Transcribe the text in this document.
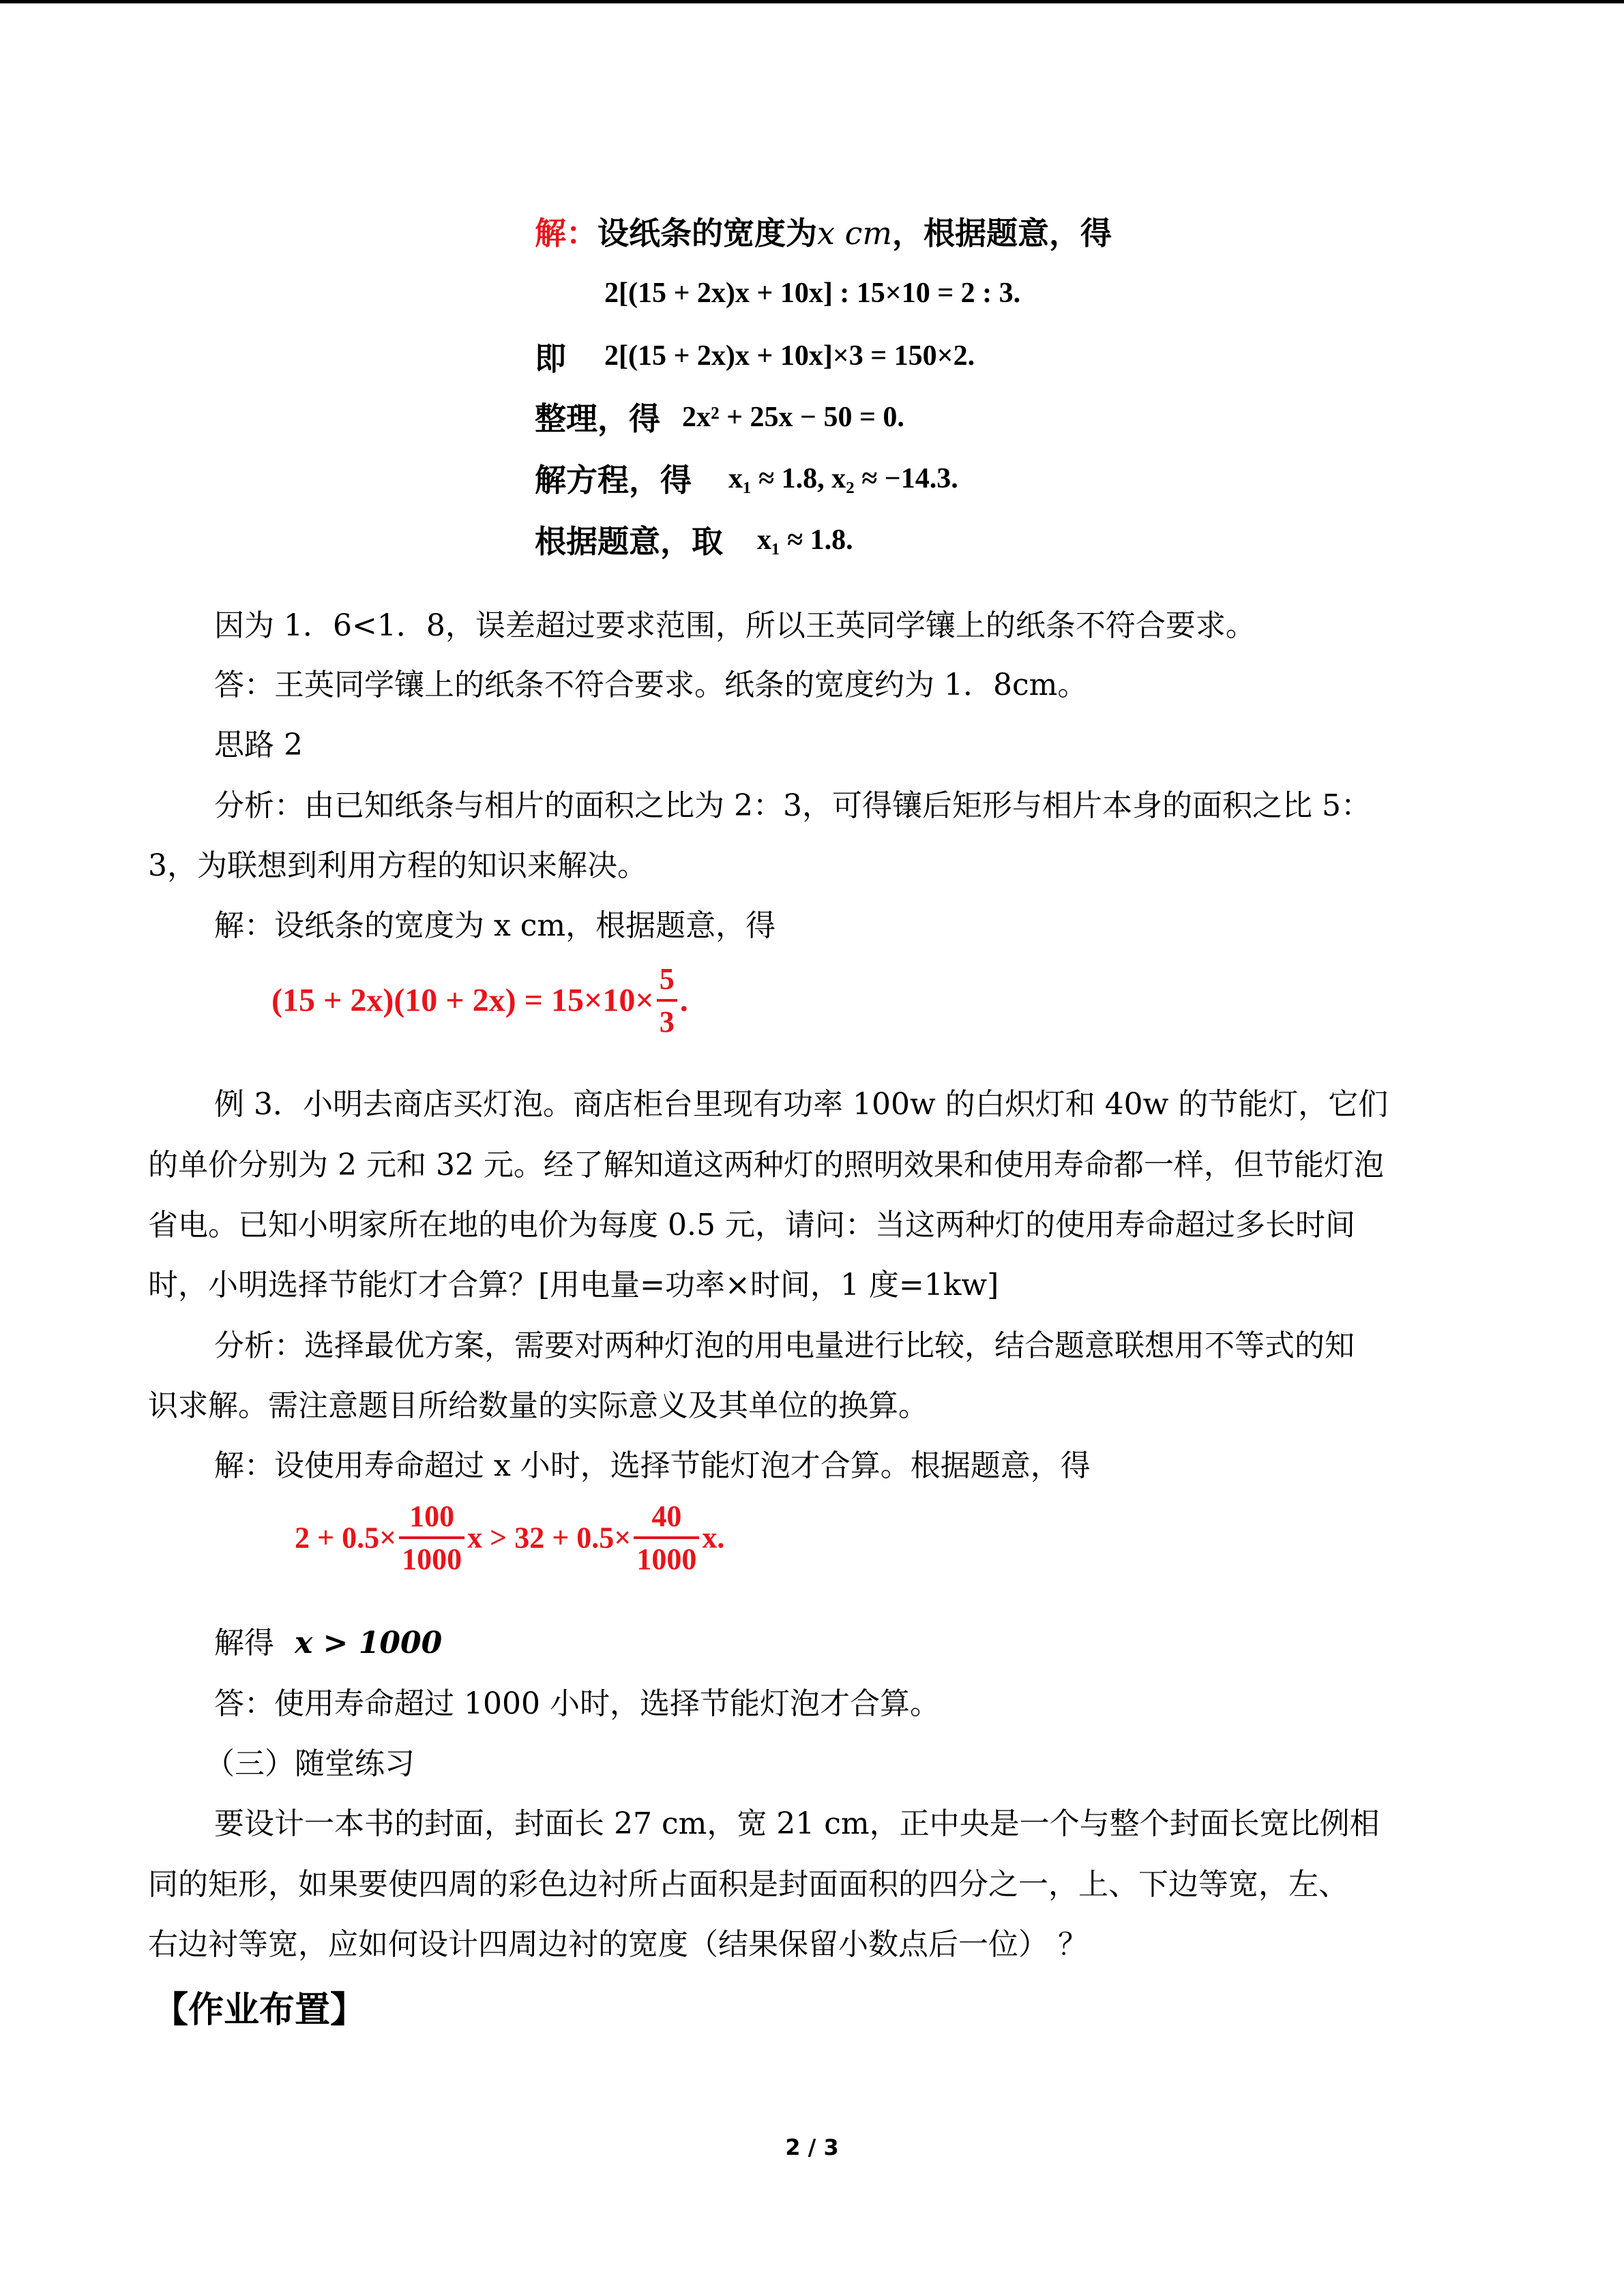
解：设纸条的宽度为x cm，根据题意，得
2[(15 + 2x)x + 10x] : 15×10 = 2 : 3.
即 2[(15 + 2x)x + 10x]×3 = 150×2.
整理，得 2x² + 25x − 50 = 0.
解方程，得 x₁ ≈ 1.8, x₂ ≈ −14.3.
根据题意，取 x₁ ≈ 1.8.
因为 1．6<1．8，误差超过要求范围，所以王英同学镶上的纸条不符合要求。
答：王英同学镶上的纸条不符合要求。纸条的宽度约为 1．8cm。
思路 2
分析：由已知纸条与相片的面积之比为 2：3，可得镶后矩形与相片本身的面积之比 5：
3，为联想到利用方程的知识来解决。
解：设纸条的宽度为 x cm，根据题意，得
$(15 + 2x)(10 + 2x) = 15\times 10\times \frac{5}{3}$ .
例 3．小明去商店买灯泡。商店柜台里现有功率 100w 的白炽灯和 40w 的节能灯，它们
的单价分别为 2 元和 32 元。经了解知道这两种灯的照明效果和使用寿命都一样，但节能灯泡
省电。已知小明家所在地的电价为每度 0.5 元，请问：当这两种灯的使用寿命超过多长时间
时，小明选择节能灯才合算？[用电量=功率×时间，1 度=1kw]
分析：选择最优方案，需要对两种灯泡的用电量进行比较，结合题意联想用不等式的知
识求解。需注意题目所给数量的实际意义及其单位的换算。
解：设使用寿命超过 x 小时，选择节能灯泡才合算。根据题意，得
$2 + 0.5\times \frac{100}{1000}$ $x > 32 + 0.5\times \frac{40}{1000} x$.
解得 x > 1000
答：使用寿命超过 1000 小时，选择节能灯泡才合算。
（三）随堂练习
要设计一本书的封面，封面长 27 cm，宽 21 cm，正中央是一个与整个封面长宽比例相
同的矩形，如果要使四周的彩色边衬所占面积是封面面积的四分之一，上、下边等宽，左、
右边衬等宽，应如何设计四周边衬的宽度（结果保留小数点后一位） ？
【作业布置】
2 / 3
